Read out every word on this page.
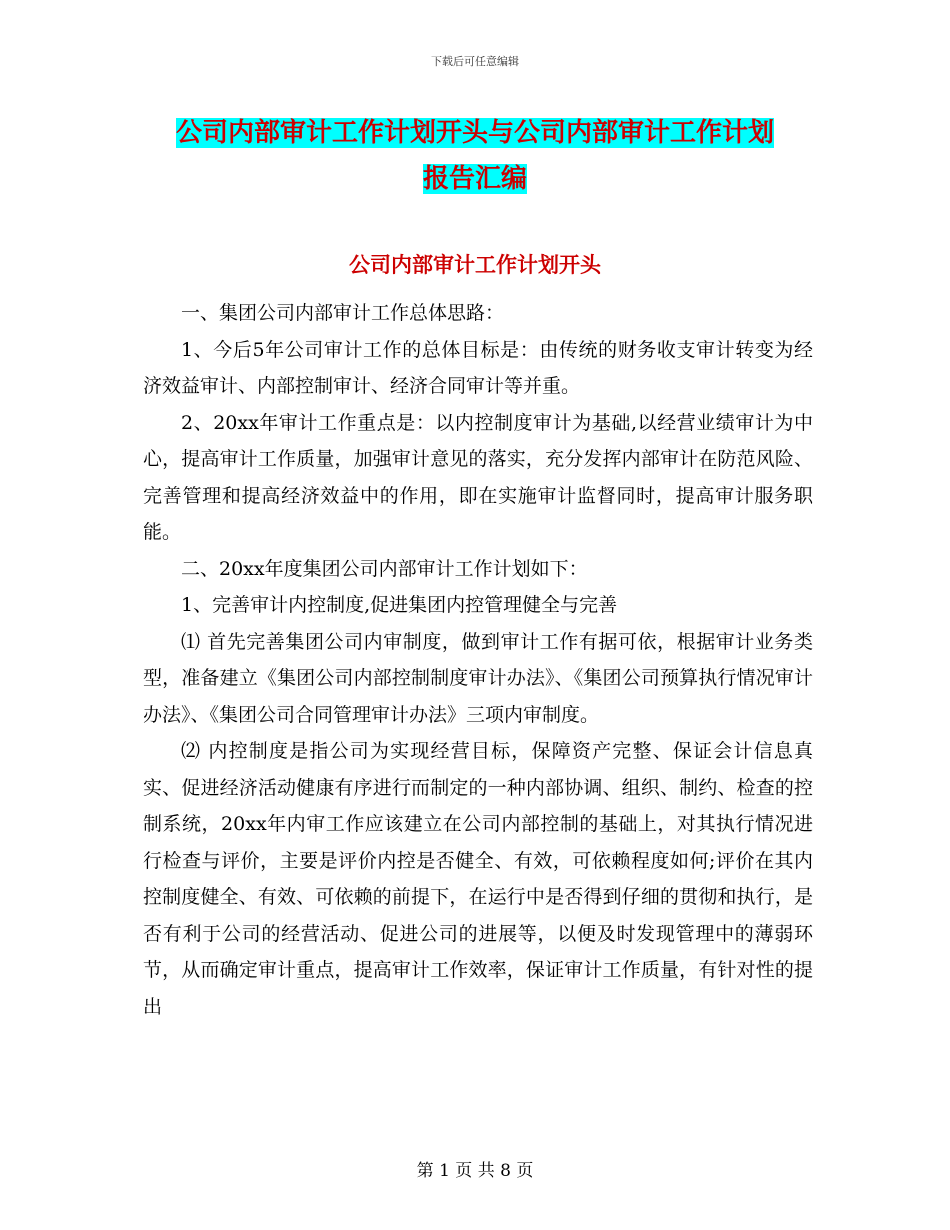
下载后可任意编辑
公司内部审计工作计划开头与公司内部审计工作计划
报告汇编
公司内部审计工作计划开头

一、集团公司内部审计工作总体思路：

1、今后5年公司审计工作的总体目标是：由传统的财务收支审计转变为经济效益审计、内部控制审计、经济合同审计等并重。

2、20xx年审计工作重点是：以内控制度审计为基础,以经营业绩审计为中心，提高审计工作质量，加强审计意见的落实，充分发挥内部审计在防范风险、完善管理和提高经济效益中的作用，即在实施审计监督同时，提高审计服务职能。

二、20xx年度集团公司内部审计工作计划如下：

1、完善审计内控制度,促进集团内控管理健全与完善

⑴ 首先完善集团公司内审制度，做到审计工作有据可依，根据审计业务类型，准备建立《集团公司内部控制制度审计办法》、《集团公司预算执行情况审计办法》、《集团公司合同管理审计办法》三项内审制度。

⑵ 内控制度是指公司为实现经营目标，保障资产完整、保证会计信息真实、促进经济活动健康有序进行而制定的一种内部协调、组织、制约、检查的控制系统，20xx年内审工作应该建立在公司内部控制的基础上，对其执行情况进行检查与评价，主要是评价内控是否健全、有效，可依赖程度如何;评价在其内控制度健全、有效、可依赖的前提下，在运行中是否得到仔细的贯彻和执行，是否有利于公司的经营活动、促进公司的进展等，以便及时发现管理中的薄弱环节，从而确定审计重点，提高审计工作效率，保证审计工作质量，有针对性的提出

第 1 页 共 8 页
